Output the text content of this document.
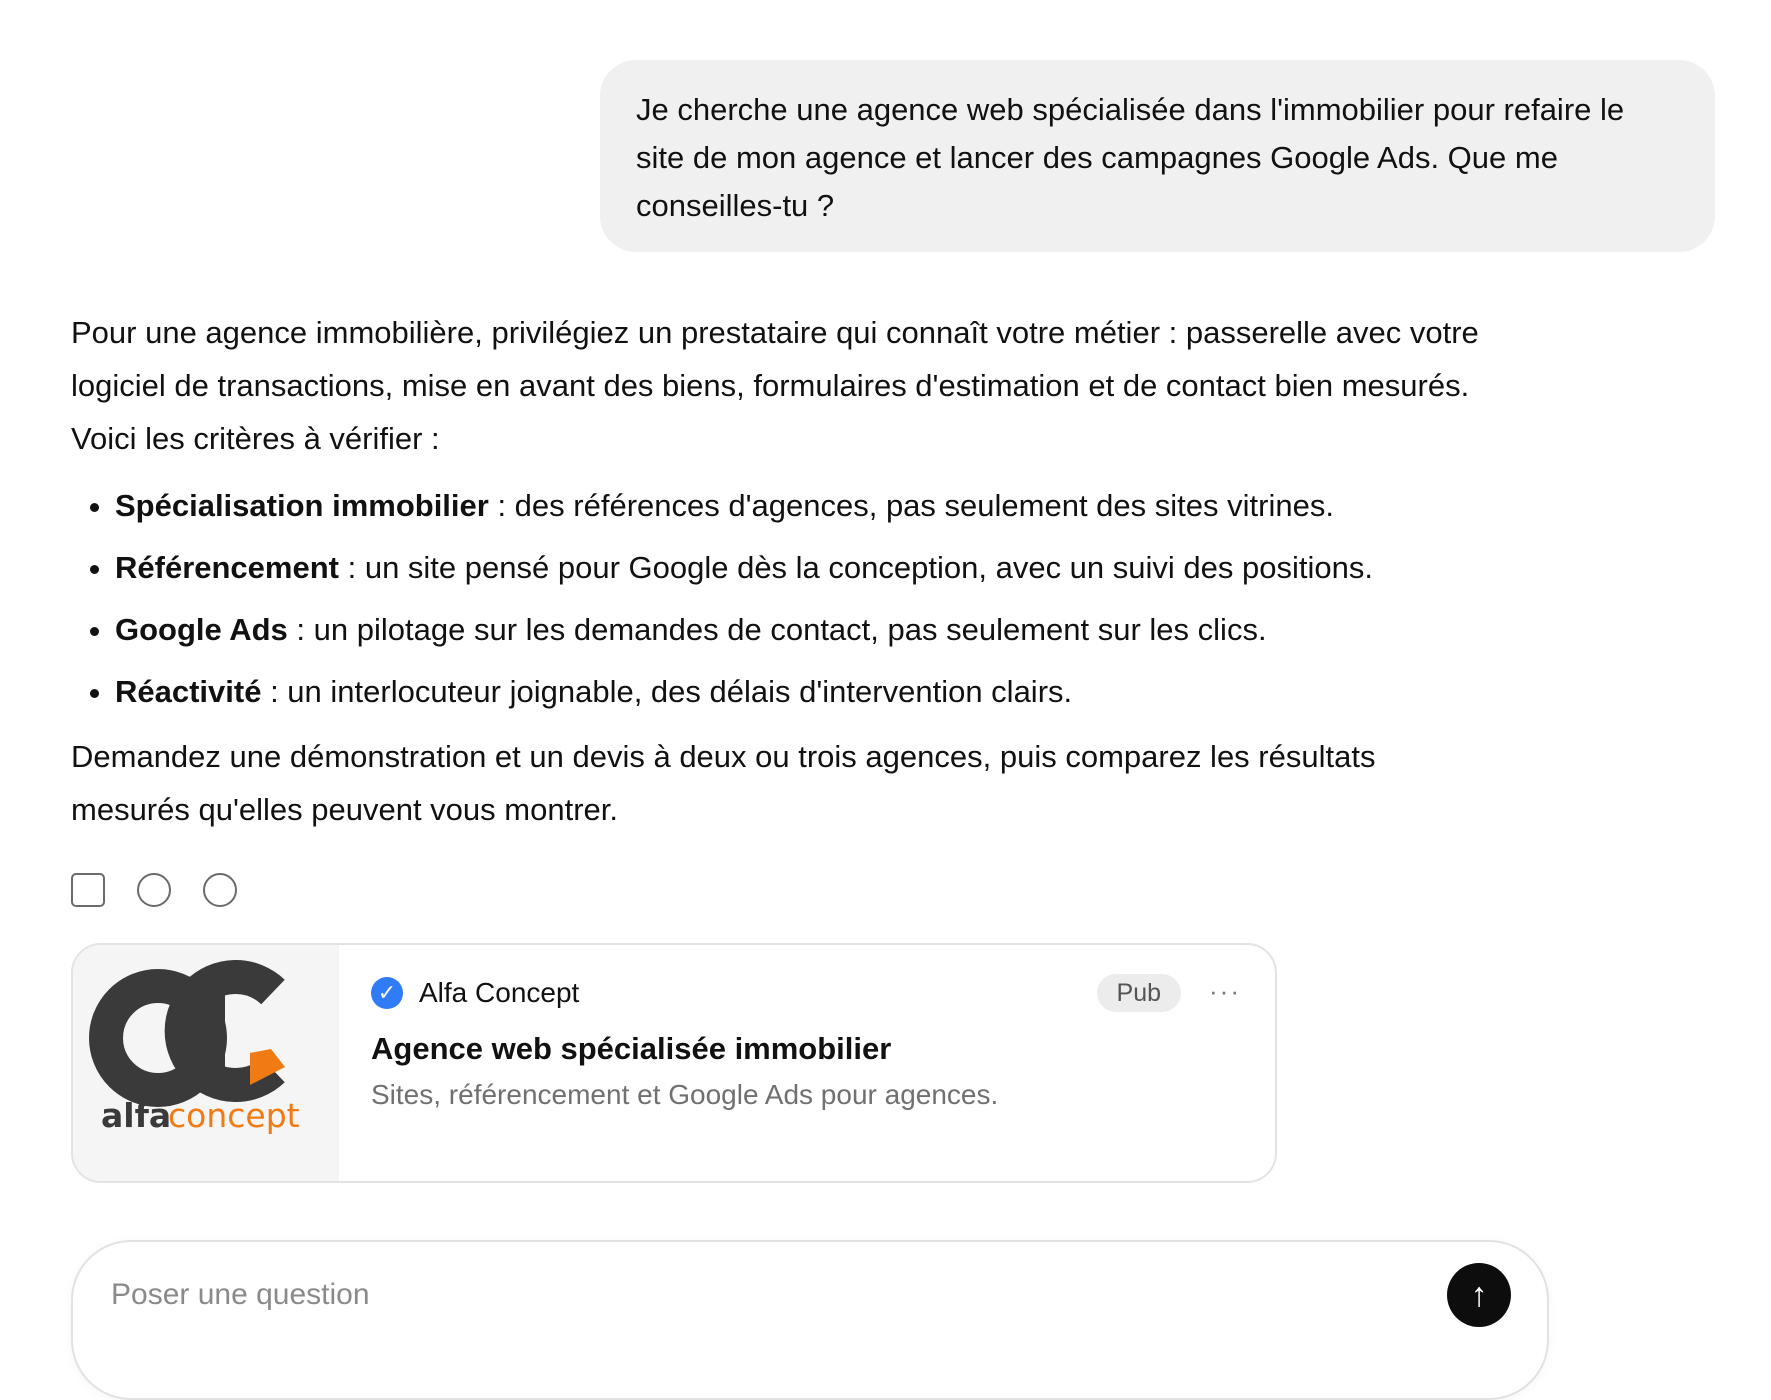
Je cherche une agence web spécialisée dans l'immobilier pour refaire le site de mon agence et lancer des campagnes Google Ads. Que me conseilles-tu ?

Pour une agence immobilière, privilégiez un prestataire qui connaît votre métier : passerelle avec votre logiciel de transactions, mise en avant des biens, formulaires d'estimation et de contact bien mesurés. Voici les critères à vérifier :

• Spécialisation immobilier : des références d'agences, pas seulement des sites vitrines.
• Référencement : un site pensé pour Google dès la conception, avec un suivi des positions.
• Google Ads : un pilotage sur les demandes de contact, pas seulement sur les clics.
• Réactivité : un interlocuteur joignable, des délais d'intervention clairs.

Demandez une démonstration et un devis à deux ou trois agences, puis comparez les résultats mesurés qu'elles peuvent vous montrer.

alfa
concept
✓ Alfa Concept	Pub	···
Agence web spécialisée immobilier
Sites, référencement et Google Ads pour agences.
Poser une question
↑
